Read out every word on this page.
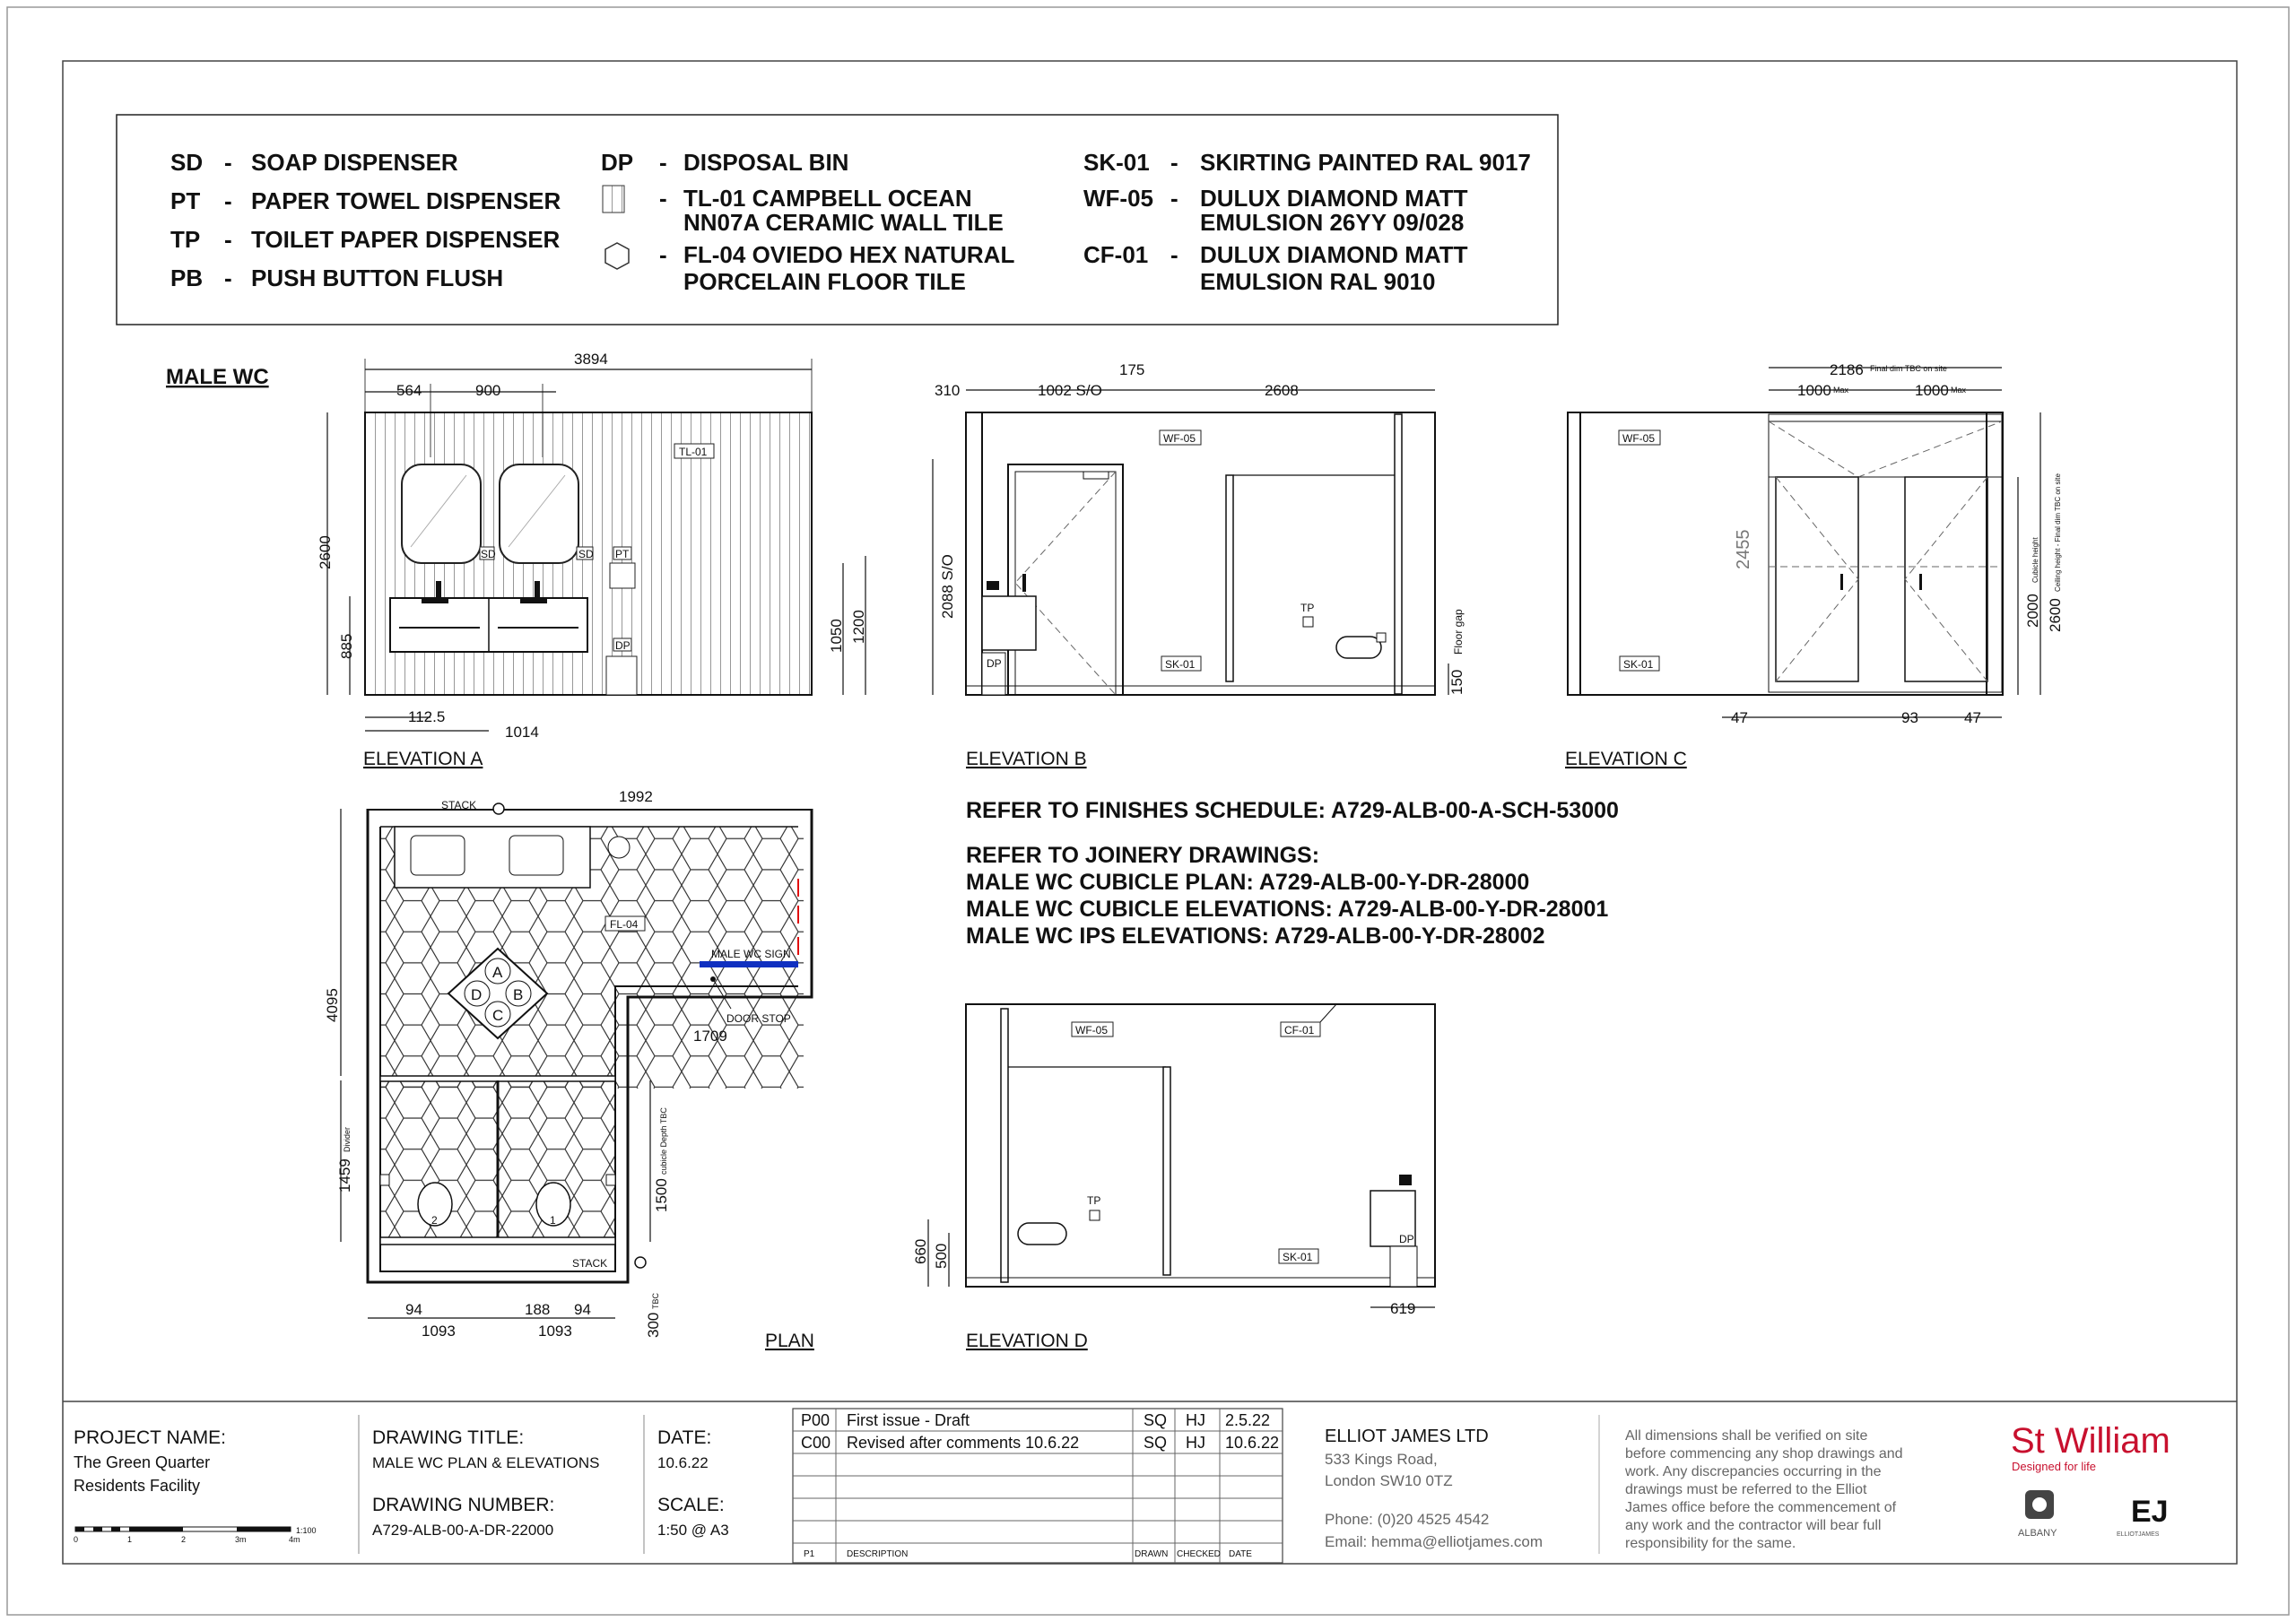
SD - SOAP DISPENSER
PT - PAPER TOWEL DISPENSER
TP - TOILET PAPER DISPENSER
PB - PUSH BUTTON FLUSH
DP - DISPOSAL BIN
- TL-01 CAMPBELL OCEAN
NN07A CERAMIC WALL TILE
- FL-04 OVIEDO HEX NATURAL
PORCELAIN FLOOR TILE
SK-01 - SKIRTING PAINTED RAL 9017
WF-05 - DULUX DIAMOND MATT
EMULSION 26YY 09/028
CF-01 - DULUX DIAMOND MATT
EMULSION RAL 9010
MALE WC
3894
564	900
2600
885
112.5
1014
1050 1200
SD	SD PT
DP
TL-01
ELEVATION A
310	1002 S/O
175
2608
2088 S/O
DP
TP
SK-01
WF-05
150
Floor gap
ELEVATION B
WF-05
SK-01
2186 Final dim TBC on site
1000 Max	1000 Max
2455
2000
Cubicle height
2600
Ceiling height - Final dim TBC on site
47	93	47
ELEVATION C
STACK	1992
FL-04
A
B
C
D
MALE WC SIGN
DOOR STOP
1709
2	1
STACK
4095
1459
Divider
1500
cubicle Depth TBC
94	188 94
1093	1093	300
TBC
PLAN
REFER TO FINISHES SCHEDULE: A729-ALB-00-A-SCH-53000
REFER TO JOINERY DRAWINGS:
MALE WC CUBICLE PLAN: A729-ALB-00-Y-DR-28000
MALE WC CUBICLE ELEVATIONS: A729-ALB-00-Y-DR-28001
MALE WC IPS ELEVATIONS: A729-ALB-00-Y-DR-28002
TP
WF-05	CF-01
SK-01
DP
660 500
619
ELEVATION D
PROJECT NAME:
The Green Quarter
Residents Facility
0	1	2	3m	4m
1:100
DRAWING TITLE:
MALE WC PLAN & ELEVATIONS
DRAWING NUMBER:
A729-ALB-00-A-DR-22000
DATE:
10.6.22
SCALE:
1:50 @ A3
P00 First issue - Draft	SQ HJ 2.5.22
C00 Revised after comments 10.6.22	SQ HJ 10.6.22
P1	DESCRIPTION	DRAWN CHECKED DATE
ELLIOT JAMES LTD
533 Kings Road,
London SW10 0TZ
Phone: (0)20 4525 4542
Email: hemma@elliotjames.com
All dimensions shall be verified on site
before commencing any shop drawings and
work. Any discrepancies occurring in the
drawings must be referred to the Elliot
James office before the commencement of
any work and the contractor will bear full
responsibility for the same.
St William
Designed for life
ALBANY
EJ
ELLIOTJAMES
